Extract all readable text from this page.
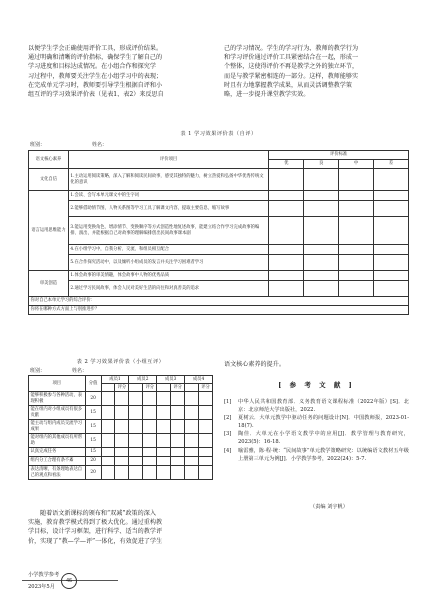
以便学生学会正确使用评价工具，形成评价结果。
通过明确和清晰的评价指标，确保学生了解自己的
学习进度和目标达成情况。在小组合作和探究学
习过程中，教师要关注学生在小组学习中的表现；
在完成单元学习时，教师要引导学生根据自评和小
组互评的学习效果评价表（见表1、表2）来反思自
己的学习情况。学生的学习行为、教师的教学行为
和学习评价通过评价工具紧密结合在一起，形成一
个整体，这使得评价不再是教学之外的独立环节，
而是与教学紧密相连的一部分。这样，教师能够实
时且有力地掌握教学成果，从而灵活调整教学策
略，进一步提升课堂教学实效。
表 1 学习效果评价表（自评）
班别：	姓名：
语文核心素养	评价项目	评价标准			
		优	良	中	差
文化自信	1.主动运用阅读策略，深入了解和阅读民间故事，感受其独特的魅力，树立热爱和弘扬中华优秀传统文化的意识				
语言运用思维能力	1.会读、会写本单元课文中的生字词				
	2.能够借助情节图，人物关系图等学习工具了解课文内容，提取主要信息，缩写故事				
	3.能运用变换角色、增添情节、变换顺序等方式创造性地复述故事，能建立结合作学习完成故事的编排、演出，并能根据自己对故事的理解编排创出民间故事课本剧				
	4.在小组学习中，自我分析、交流、和组员相互配合				
	5.在合作探究活动中，以及倾听小组成员的发言并关注学习困难者学习				
审美创造	1.体会故事的审美情趣，体会故事中人物的优秀品质				
	2.通过学习民间故事，体会人民对美好生活的向往和对真善美的追求				
你对自己本单元学习的综合评价：					
你将在哪种方式方面上与别推进步？					
表 2 学习效果评价表（小组互评）
班别：	姓名：
项目	分值	成员1		成员2		成员3		成员4	
			评分		评分		评分		评分
能够积极参与各种活动，表现积极	20								
能在组内对小组成员有很多贡献	15								
能主动与组内成员交流学习成果	15								
能对组内的其他成员有所帮助	15								
认真完成任务	15								
组内分工合理有条不紊	20								
表达清晰，有条理地表达自己的观点和看法	20								
随着语文新课标的颁布和“双减”政策的深入
实施，教育教学模式得到了极大优化。通过重构教
学目标，设计学习框架，进行科学、适当的教学评
价，实现了“教—学—评”一体化，有效促进了学生
语文核心素养的提升。
[ 参 考 文 献 ]
[1]	中华人民共和国教育部．义务教育语文课程标准（2022年版）[S]．北京：北京师范大学出版社，2022.
[2]	夏树云．大单元教学中驱动任务的问题设计[N]．中国教师报，2023-01-18(7).
[3]	陶佳．大单元在小学语文教学中的应用[J]．教学管理与教育研究，2023(5)：16-18.
[4]	喻雷雅，陈·程·统：“民间故事”单元教学策略研究：以统编语文教材五年级上册第三单元为例[J]．小学教学参考，2022(24)：5-7.
（责编 刘宇帆）
小学教学参考
2023年5月
46
